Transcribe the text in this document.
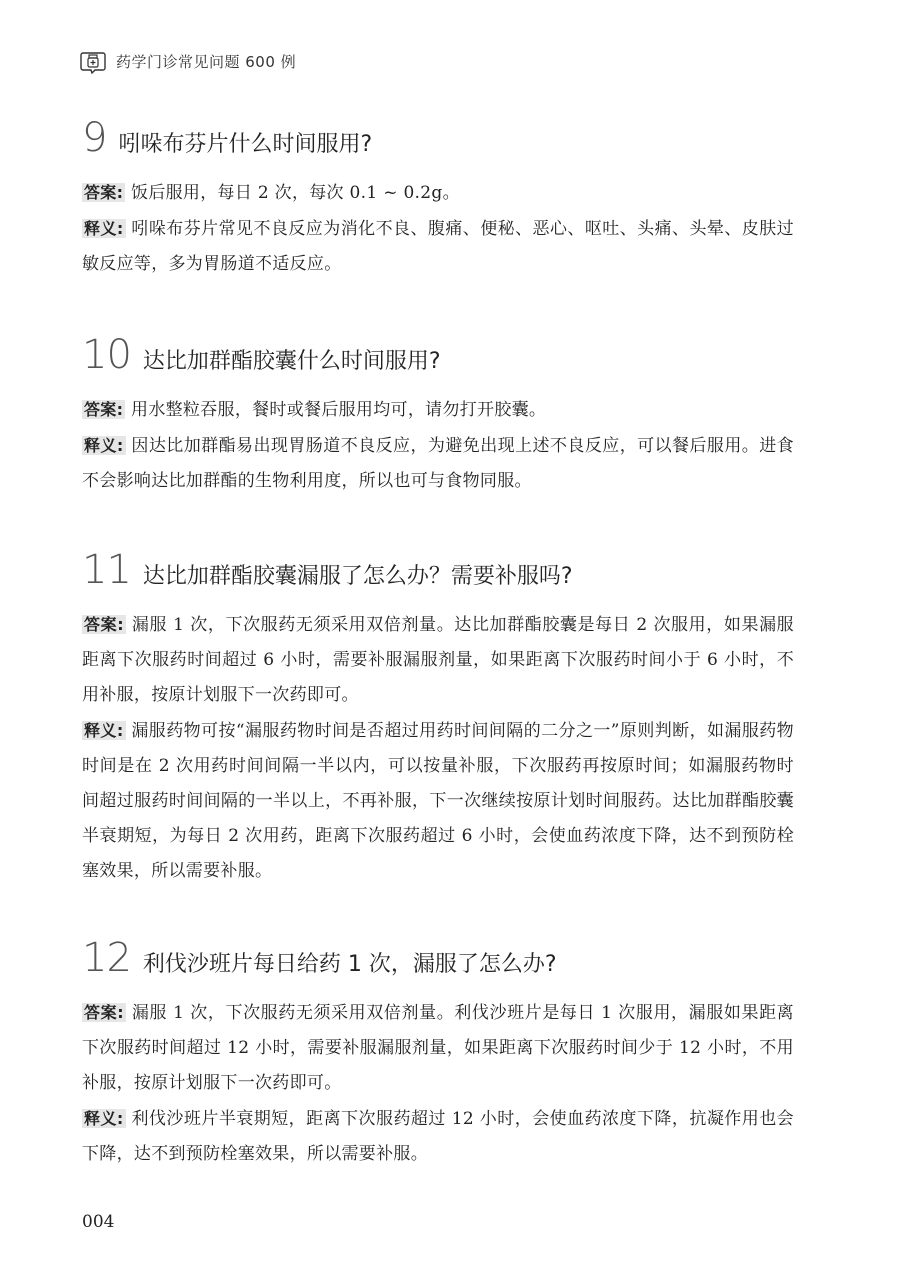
药学门诊常见问题 600 例
9 吲哚布芬片什么时间服用?

答案: 饭后服用，每日 2 次，每次 0.1 ~ 0.2g。

释义: 吲哚布芬片常见不良反应为消化不良、腹痛、便秘、恶心、呕吐、头痛、头晕、皮肤过敏反应等，多为胃肠道不适反应。

10 达比加群酯胶囊什么时间服用?

答案: 用水整粒吞服，餐时或餐后服用均可，请勿打开胶囊。

释义: 因达比加群酯易出现胃肠道不良反应，为避免出现上述不良反应，可以餐后服用。进食不会影响达比加群酯的生物利用度，所以也可与食物同服。

11 达比加群酯胶囊漏服了怎么办？需要补服吗?

答案: 漏服 1 次，下次服药无须采用双倍剂量。达比加群酯胶囊是每日 2 次服用，如果漏服距离下次服药时间超过 6 小时，需要补服漏服剂量，如果距离下次服药时间小于 6 小时，不用补服，按原计划服下一次药即可。

释义: 漏服药物可按“漏服药物时间是否超过用药时间间隔的二分之一”原则判断，如漏服药物时间是在 2 次用药时间间隔一半以内，可以按量补服，下次服药再按原时间；如漏服药物时间超过服药时间间隔的一半以上，不再补服，下一次继续按原计划时间服药。达比加群酯胶囊半衰期短，为每日 2 次用药，距离下次服药超过 6 小时，会使血药浓度下降，达不到预防栓塞效果，所以需要补服。

12 利伐沙班片每日给药 1 次，漏服了怎么办?

答案: 漏服 1 次，下次服药无须采用双倍剂量。利伐沙班片是每日 1 次服用，漏服如果距离下次服药时间超过 12 小时，需要补服漏服剂量，如果距离下次服药时间少于 12 小时，不用补服，按原计划服下一次药即可。

释义: 利伐沙班片半衰期短，距离下次服药超过 12 小时，会使血药浓度下降，抗凝作用也会下降，达不到预防栓塞效果，所以需要补服。

004
